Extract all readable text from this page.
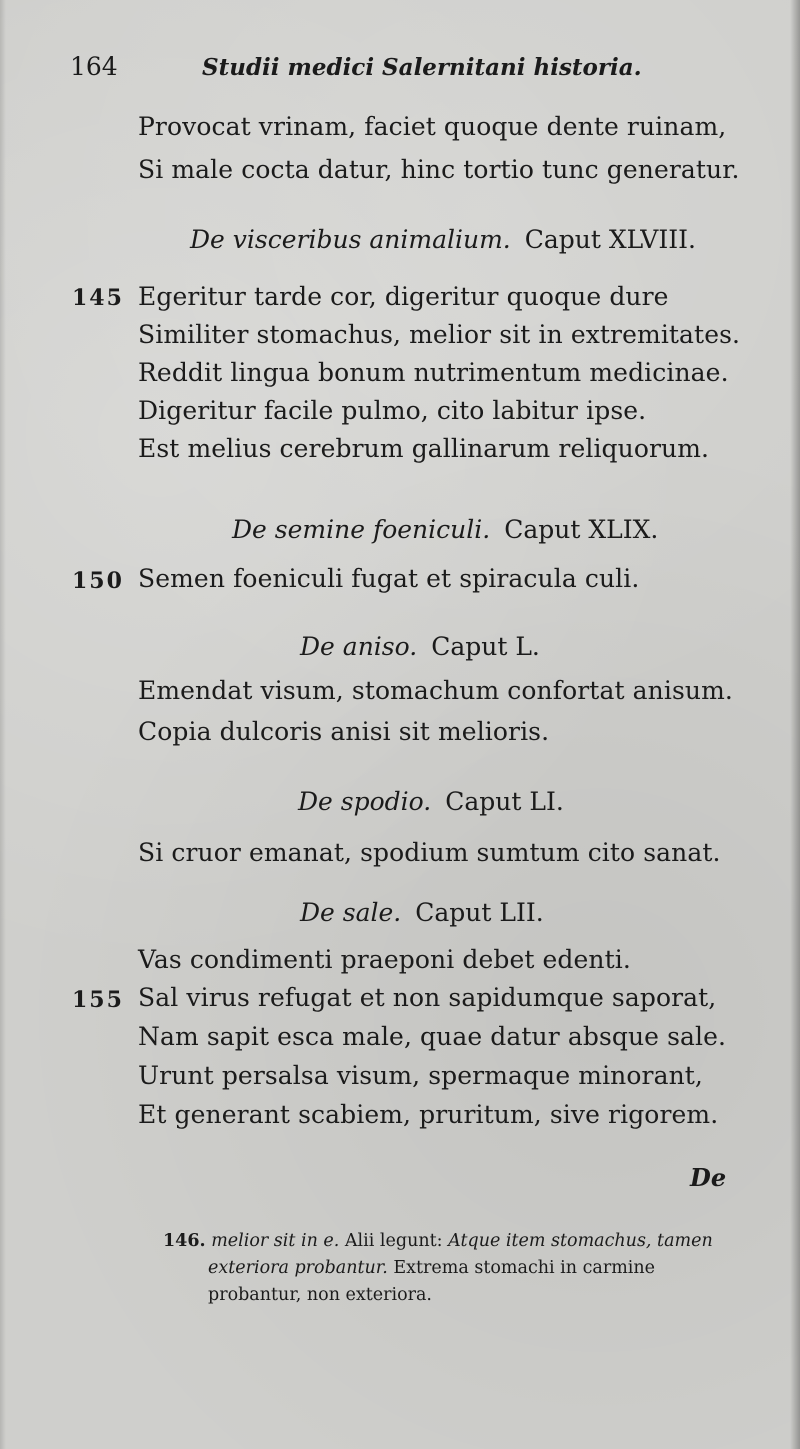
164	Studii medici Salernitani historia.
Provocat vrinam, faciet quoque dente ruinam,
Si male cocta datur, hinc tortio tunc generatur.
De visceribus animalium. Caput XLVIII.
145 Egeritur tarde cor, digeritur quoque dure
Similiter stomachus, melior sit in extremitates.
Reddit lingua bonum nutrimentum medicinae.
Digeritur facile pulmo, cito labitur ipse.
Est melius cerebrum gallinarum reliquorum.
De semine foeniculi. Caput XLIX.
150 Semen foeniculi fugat et spiracula culi.
De aniso. Caput L.
Emendat visum, stomachum confortat anisum.
Copia dulcoris anisi sit melioris.
De spodio. Caput LI.
Si cruor emanat, spodium sumtum cito sanat.
De sale. Caput LII.
Vas condimenti praeponi debet edenti.
155 Sal virus refugat et non sapidumque saporat,
Nam sapit esca male, quae datur absque sale.
Urunt persalsa visum, spermaque minorant,
Et generant scabiem, pruritum, sive rigorem.
De
146. melior sit in e. Alii legunt: Atque item stomachus, tamen exteriora probantur. Extrema stomachi in carmine probantur, non exteriora.
